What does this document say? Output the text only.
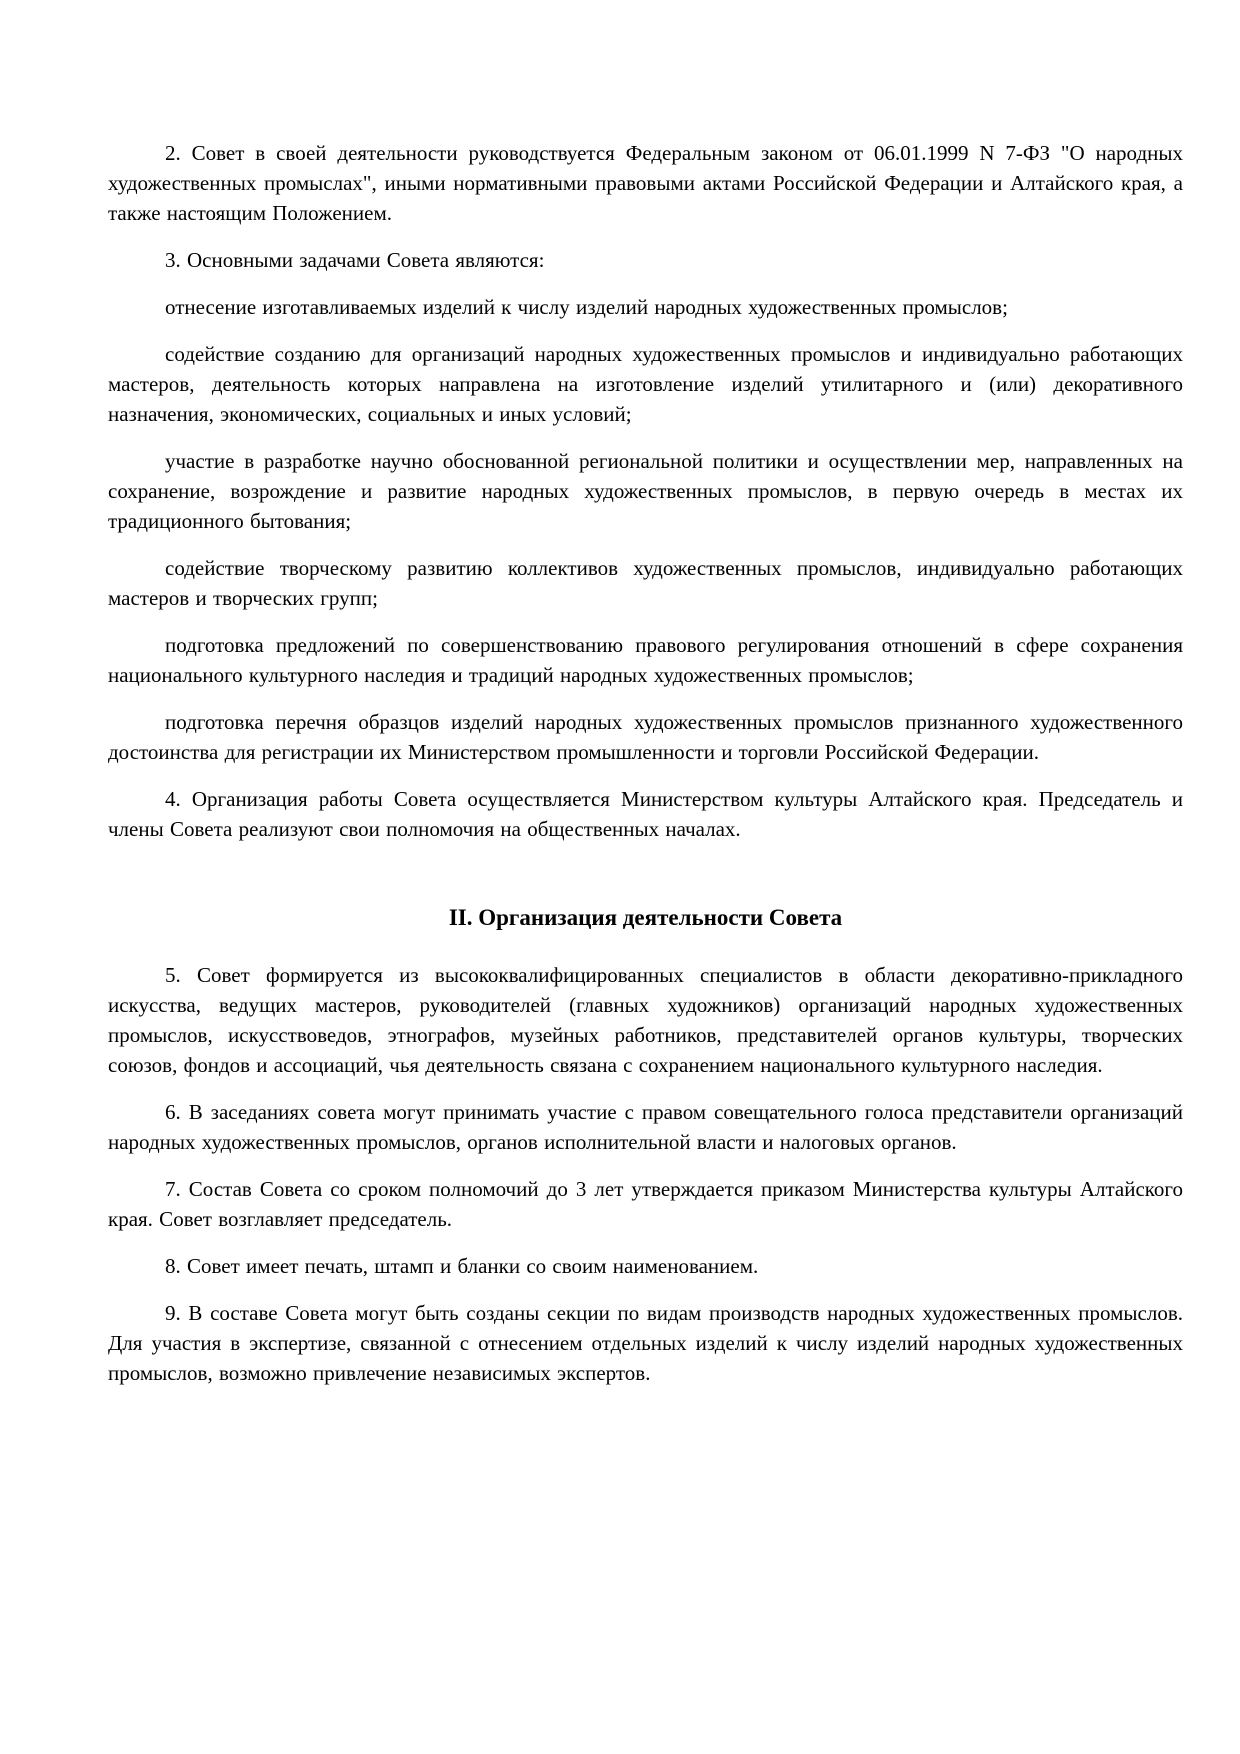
2. Совет в своей деятельности руководствуется Федеральным законом от 06.01.1999 N 7-ФЗ "О народных художественных промыслах", иными нормативными правовыми актами Российской Федерации и Алтайского края, а также настоящим Положением.

3. Основными задачами Совета являются:

отнесение изготавливаемых изделий к числу изделий народных художественных промыслов;

содействие созданию для организаций народных художественных промыслов и индивидуально работающих мастеров, деятельность которых направлена на изготовление изделий утилитарного и (или) декоративного назначения, экономических, социальных и иных условий;

участие в разработке научно обоснованной региональной политики и осуществлении мер, направленных на сохранение, возрождение и развитие народных художественных промыслов, в первую очередь в местах их традиционного бытования;

содействие творческому развитию коллективов художественных промыслов, индивидуально работающих мастеров и творческих групп;

подготовка предложений по совершенствованию правового регулирования отношений в сфере сохранения национального культурного наследия и традиций народных художественных промыслов;

подготовка перечня образцов изделий народных художественных промыслов признанного художественного достоинства для регистрации их Министерством промышленности и торговли Российской Федерации.

4. Организация работы Совета осуществляется Министерством культуры Алтайского края. Председатель и члены Совета реализуют свои полномочия на общественных началах.

II. Организация деятельности Совета

5. Совет формируется из высококвалифицированных специалистов в области декоративно-прикладного искусства, ведущих мастеров, руководителей (главных художников) организаций народных художественных промыслов, искусствоведов, этнографов, музейных работников, представителей органов культуры, творческих союзов, фондов и ассоциаций, чья деятельность связана с сохранением национального культурного наследия.

6. В заседаниях совета могут принимать участие с правом совещательного голоса представители организаций народных художественных промыслов, органов исполнительной власти и налоговых органов.

7. Состав Совета со сроком полномочий до 3 лет утверждается приказом Министерства культуры Алтайского края. Совет возглавляет председатель.

8. Совет имеет печать, штамп и бланки со своим наименованием.

9. В составе Совета могут быть созданы секции по видам производств народных художественных промыслов. Для участия в экспертизе, связанной с отнесением отдельных изделий к числу изделий народных художественных промыслов, возможно привлечение независимых экспертов.
